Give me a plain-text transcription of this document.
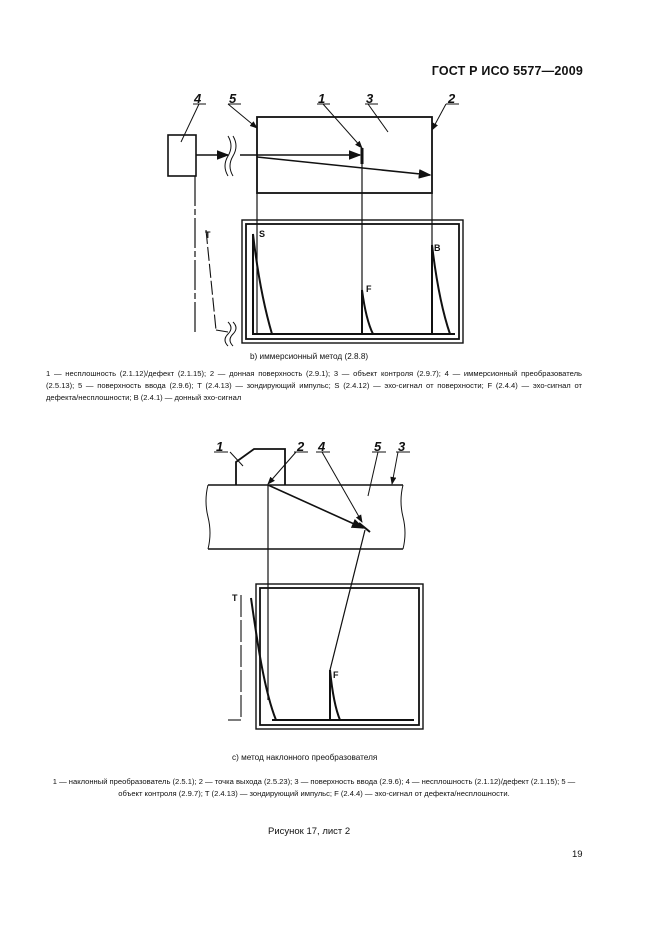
ГОСТ Р ИСО 5577—2009
4 5	1	3	2
T	S
F
B
1	2 4	5 3
T
F
b) иммерсионный метод (2.8.8)
1 — несплошность (2.1.12)/дефект (2.1.15); 2 — донная поверхность (2.9.1); 3 — объект контроля (2.9.7); 4 — иммерсионный преобразователь (2.5.13); 5 — поверхность ввода (2.9.6); T (2.4.13) — зондирующий импульс; S (2.4.12) — эхо-сигнал от поверхности; F (2.4.4) — эхо-сигнал от дефекта/несплошности; B (2.4.1) — донный эхо-сигнал
c) метод наклонного преобразователя
1 — наклонный преобразователь (2.5.1); 2 — точка выхода (2.5.23); 3 — поверхность ввода (2.9.6); 4 — несплошность (2.1.12)/дефект (2.1.15); 5 — объект контроля (2.9.7); T (2.4.13) — зондирующий импульс; F (2.4.4) — эхо-сигнал от дефекта/несплошности.
Рисунок 17, лист 2
19
